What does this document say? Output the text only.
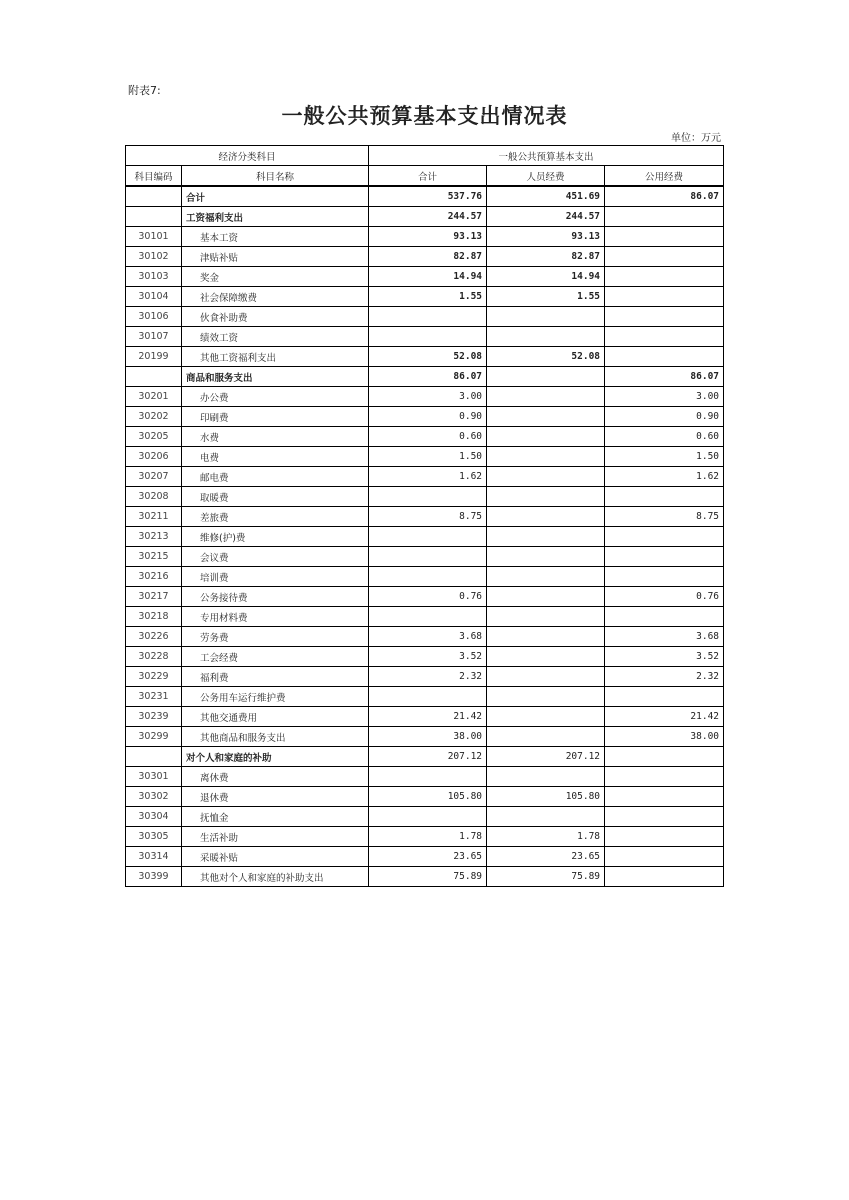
附表7:
一般公共预算基本支出情况表
单位：万元
经济分类科目		一般公共预算基本支出		
科目编码	科目名称	合计	人员经费	公用经费
	合计	537.76	451.69	86.07
	工资福利支出	244.57	244.57	
30101	基本工资	93.13	93.13	
30102	津贴补贴	82.87	82.87	
30103	奖金	14.94	14.94	
30104	社会保障缴费	1.55	1.55	
30106	伙食补助费			
30107	绩效工资			
20199	其他工资福利支出	52.08	52.08	
	商品和服务支出	86.07		86.07
30201	办公费	3.00		3.00
30202	印刷费	0.90		0.90
30205	水费	0.60		0.60
30206	电费	1.50		1.50
30207	邮电费	1.62		1.62
30208	取暖费			
30211	差旅费	8.75		8.75
30213	维修(护)费			
30215	会议费			
30216	培训费			
30217	公务接待费	0.76		0.76
30218	专用材料费			
30226	劳务费	3.68		3.68
30228	工会经费	3.52		3.52
30229	福利费	2.32		2.32
30231	公务用车运行维护费			
30239	其他交通费用	21.42		21.42
30299	其他商品和服务支出	38.00		38.00
	对个人和家庭的补助	207.12	207.12	
30301	离休费			
30302	退休费	105.80	105.80	
30304	抚恤金			
30305	生活补助	1.78	1.78	
30314	采暖补贴	23.65	23.65	
30399	其他对个人和家庭的补助支出	75.89	75.89	
